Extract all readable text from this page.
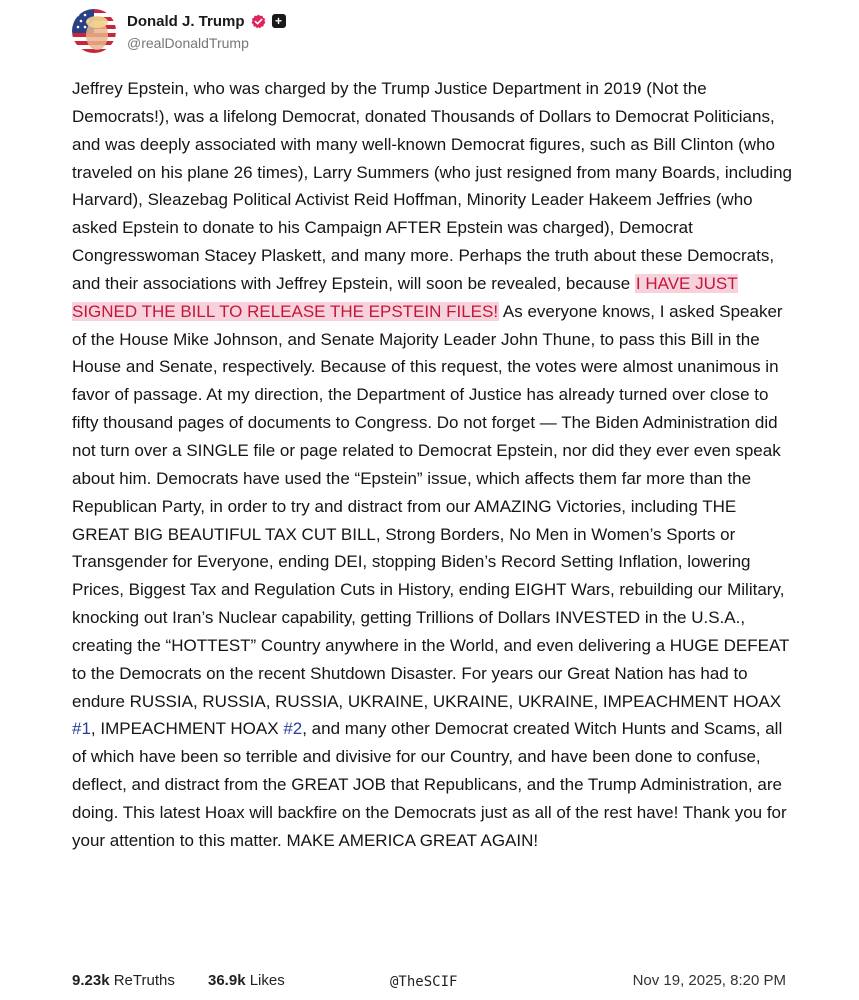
Donald J. Trump	+
@realDonaldTrump

Jeffrey Epstein, who was charged by the Trump Justice Department in 2019 (Not the Democrats!), was a lifelong Democrat, donated Thousands of Dollars to Democrat Politicians, and was deeply associated with many well-known Democrat figures, such as Bill Clinton (who traveled on his plane 26 times), Larry Summers (who just resigned from many Boards, including Harvard), Sleazebag Political Activist Reid Hoffman, Minority Leader Hakeem Jeffries (who asked Epstein to donate to his Campaign AFTER Epstein was charged), Democrat Congresswoman Stacey Plaskett, and many more. Perhaps the truth about these Democrats, and their associations with Jeffrey Epstein, will soon be revealed, because I HAVE JUST SIGNED THE BILL TO RELEASE THE EPSTEIN FILES! As everyone knows, I asked Speaker of the House Mike Johnson, and Senate Majority Leader John Thune, to pass this Bill in the House and Senate, respectively. Because of this request, the votes were almost unanimous in favor of passage. At my direction, the Department of Justice has already turned over close to fifty thousand pages of documents to Congress. Do not forget — The Biden Administration did not turn over a SINGLE file or page related to Democrat Epstein, nor did they ever even speak about him. Democrats have used the “Epstein” issue, which affects them far more than the Republican Party, in order to try and distract from our AMAZING Victories, including THE GREAT BIG BEAUTIFUL TAX CUT BILL, Strong Borders, No Men in Women’s Sports or Transgender for Everyone, ending DEI, stopping Biden’s Record Setting Inflation, lowering Prices, Biggest Tax and Regulation Cuts in History, ending EIGHT Wars, rebuilding our Military, knocking out Iran’s Nuclear capability, getting Trillions of Dollars INVESTED in the U.S.A., creating the “HOTTEST” Country anywhere in the World, and even delivering a HUGE DEFEAT to the Democrats on the recent Shutdown Disaster. For years our Great Nation has had to endure RUSSIA, RUSSIA, RUSSIA, UKRAINE, UKRAINE, UKRAINE, IMPEACHMENT HOAX #1, IMPEACHMENT HOAX #2, and many other Democrat created Witch Hunts and Scams, all of which have been so terrible and divisive for our Country, and have been done to confuse, deflect, and distract from the GREAT JOB that Republicans, and the Trump Administration, are doing. This latest Hoax will backfire on the Democrats just as all of the rest have! Thank you for your attention to this matter. MAKE AMERICA GREAT AGAIN!

9.23k ReTruths 36.9k Likes	@TheSCIF	Nov 19, 2025, 8:20 PM
